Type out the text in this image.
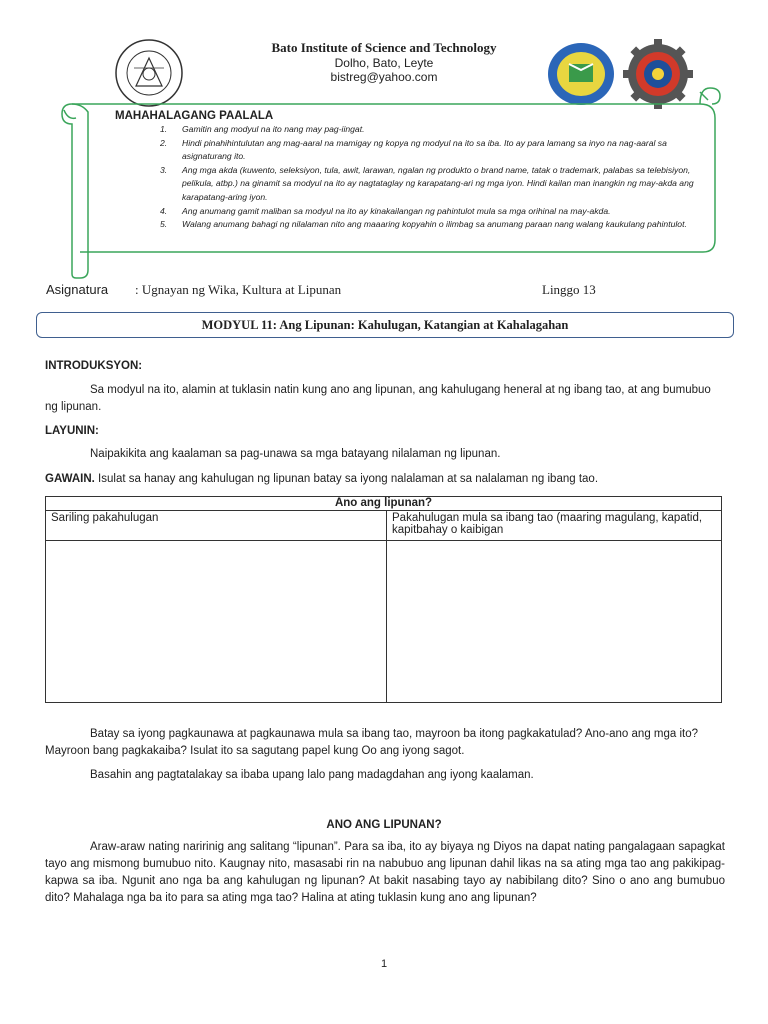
Bato Institute of Science and Technology
Dolho, Bato, Leyte
bistreg@yahoo.com
MAHAHALAGANG PAALALA
1. Gamitin ang modyul na ito nang may pag-iingat.
2. Hindi pinahihintulutan ang mag-aaral na mamigay ng kopya ng modyul na ito sa iba. Ito ay para lamang sa inyo na nag-aaral sa asignaturang ito.
3. Ang mga akda (kuwento, seleksiyon, tula, awit, larawan, ngalan ng produkto o brand name, tatak o trademark, palabas sa telebisiyon, pelikula, atbp.) na ginamit sa modyul na ito ay nagtataglay ng karapatang-ari ng mga iyon. Hindi kailan man inangkin ng may-akda ang karapatang-aring iyon.
4. Ang anumang gamit maliban sa modyul na ito ay kinakailangan ng pahintulot mula sa mga orihinal na may-akda.
5. Walang anumang bahagi ng nilalaman nito ang maaaring kopyahin o ilimbag sa anumang paraan nang walang kaukulang pahintulot.
Asignatura : Ugnayan ng Wika, Kultura at Lipunan	Linggo 13
MODYUL 11: Ang Lipunan: Kahulugan, Katangian at Kahalagahan
INTRODUKSYON:
Sa modyul na ito, alamin at tuklasin natin kung ano ang lipunan, ang kahulugang heneral at ng ibang tao, at ang bumubuo ng lipunan.
LAYUNIN:
Naipakikita ang kaalaman sa pag-unawa sa mga batayang nilalaman ng lipunan.
GAWAIN. Isulat sa hanay ang kahulugan ng lipunan batay sa iyong nalalaman at sa nalalaman ng ibang tao.
Ano ang lipunan?	
Sariling pakahulugan	Pakahulugan mula sa ibang tao (maaring magulang, kapatid, kapitbahay o kaibigan

Batay sa iyong pagkaunawa at pagkaunawa mula sa ibang tao, mayroon ba itong pagkakatulad? Ano-ano ang mga ito? Mayroon bang pagkakaiba? Isulat ito sa sagutang papel kung Oo ang iyong sagot.
Basahin ang pagtatalakay sa ibaba upang lalo pang madagdahan ang iyong kaalaman.
ANO ANG LIPUNAN?
Araw-araw nating naririnig ang salitang “lipunan”. Para sa iba, ito ay biyaya ng Diyos na dapat nating pangalagaan sapagkat tayo ang mismong bumubuo nito. Kaugnay nito, masasabi rin na nabubuo ang lipunan dahil likas na sa ating mga tao ang pakikipag-kapwa sa iba. Ngunit ano nga ba ang kahulugan ng lipunan? At bakit nasabing tayo ay nabibilang dito? Sino o ano ang bumubuo dito? Mahalaga nga ba ito para sa ating mga tao? Halina at ating tuklasin kung ano ang lipunan?
1
